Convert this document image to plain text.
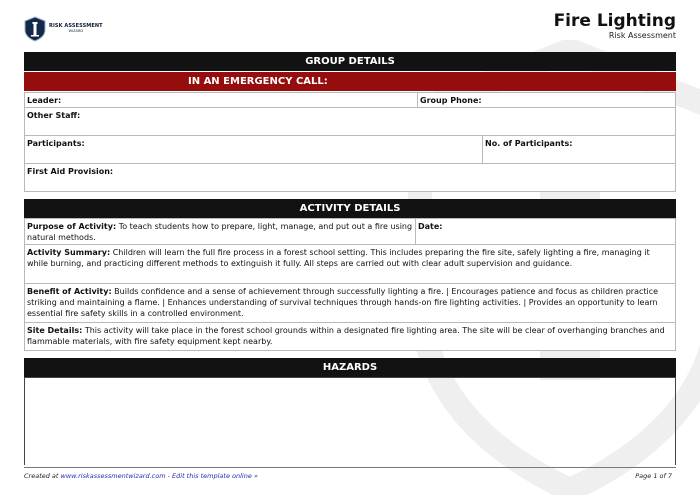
RISK ASSESSMENT
WIZARD
Fire Lighting
Risk Assessment
GROUP DETAILS
IN AN EMERGENCY CALL:
Leader:	Group Phone:
Other Staff:
Participants:	No. of Participants:
First Aid Provision:
ACTIVITY DETAILS
Purpose of Activity: To teach students how to prepare, light, manage, and put out a fire using natural methods.
Date:
Activity Summary: Children will learn the full fire process in a forest school setting. This includes preparing the fire site, safely lighting a fire, managing it while burning, and practicing different methods to extinguish it fully. All steps are carried out with clear adult supervision and guidance.
Benefit of Activity: Builds confidence and a sense of achievement through successfully lighting a fire. | Encourages patience and focus as children practice striking and maintaining a flame. | Enhances understanding of survival techniques through hands-on fire lighting activities. | Provides an opportunity to learn essential fire safety skills in a controlled environment.
Site Details: This activity will take place in the forest school grounds within a designated fire lighting area. The site will be clear of overhanging branches and flammable materials, with fire safety equipment kept nearby.
HAZARDS
Created at www.riskassessmentwizard.com - Edit this template online »	Page 1 of 7
